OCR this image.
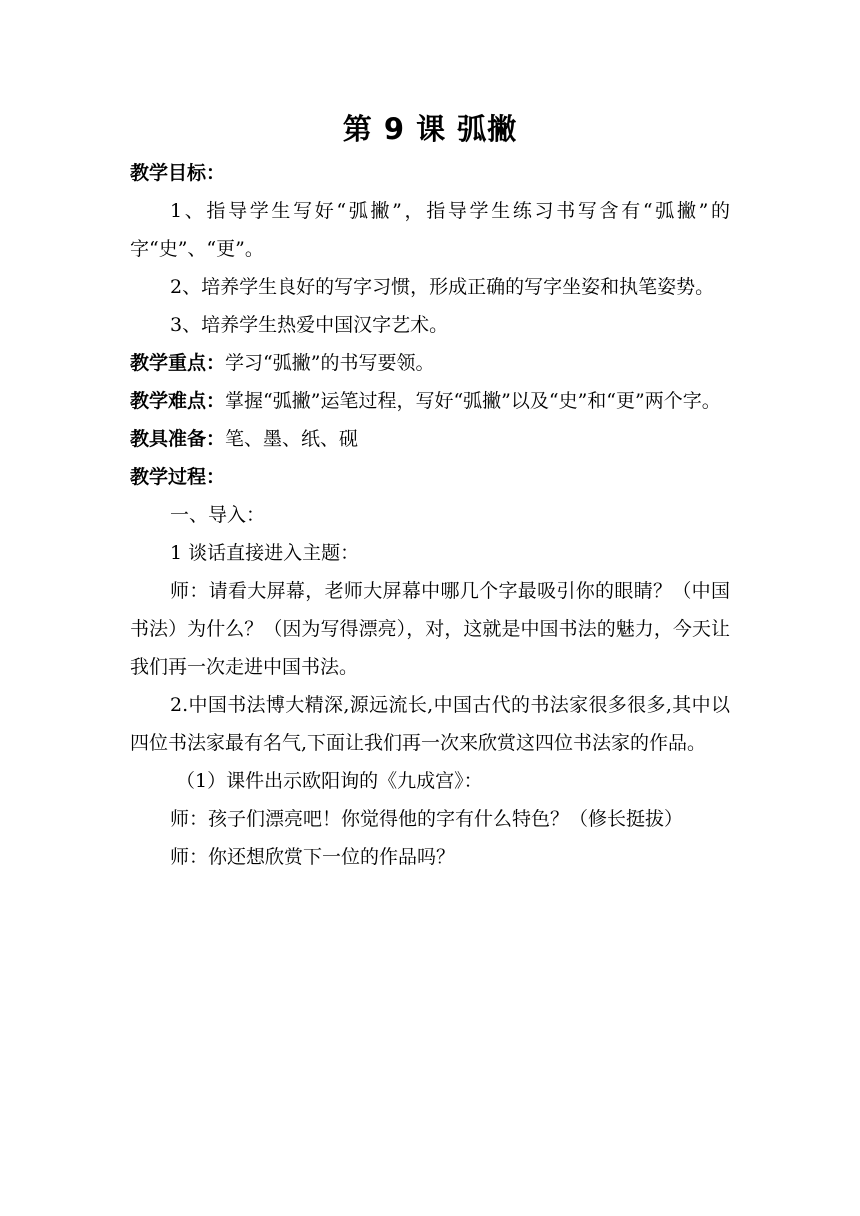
第 9 课 弧撇

教学目标：

1、指导学生写好“弧撇”，指导学生练习书写含有“弧撇”的字“史”、“更”。

2、培养学生良好的写字习惯，形成正确的写字坐姿和执笔姿势。

3、培养学生热爱中国汉字艺术。

教学重点：学习“弧撇”的书写要领。

教学难点：掌握“弧撇”运笔过程，写好“弧撇”以及“史”和“更”两个字。

教具准备：笔、墨、纸、砚

教学过程：

一、导入：

1 谈话直接进入主题：

师：请看大屏幕，老师大屏幕中哪几个字最吸引你的眼睛？（中国书法）为什么？（因为写得漂亮），对，这就是中国书法的魅力，今天让我们再一次走进中国书法。

2.中国书法博大精深,源远流长,中国古代的书法家很多很多,其中以四位书法家最有名气,下面让我们再一次来欣赏这四位书法家的作品。

（1）课件出示欧阳询的《九成宫》：

师：孩子们漂亮吧！你觉得他的字有什么特色？（修长挺拔）

师：你还想欣赏下一位的作品吗？
